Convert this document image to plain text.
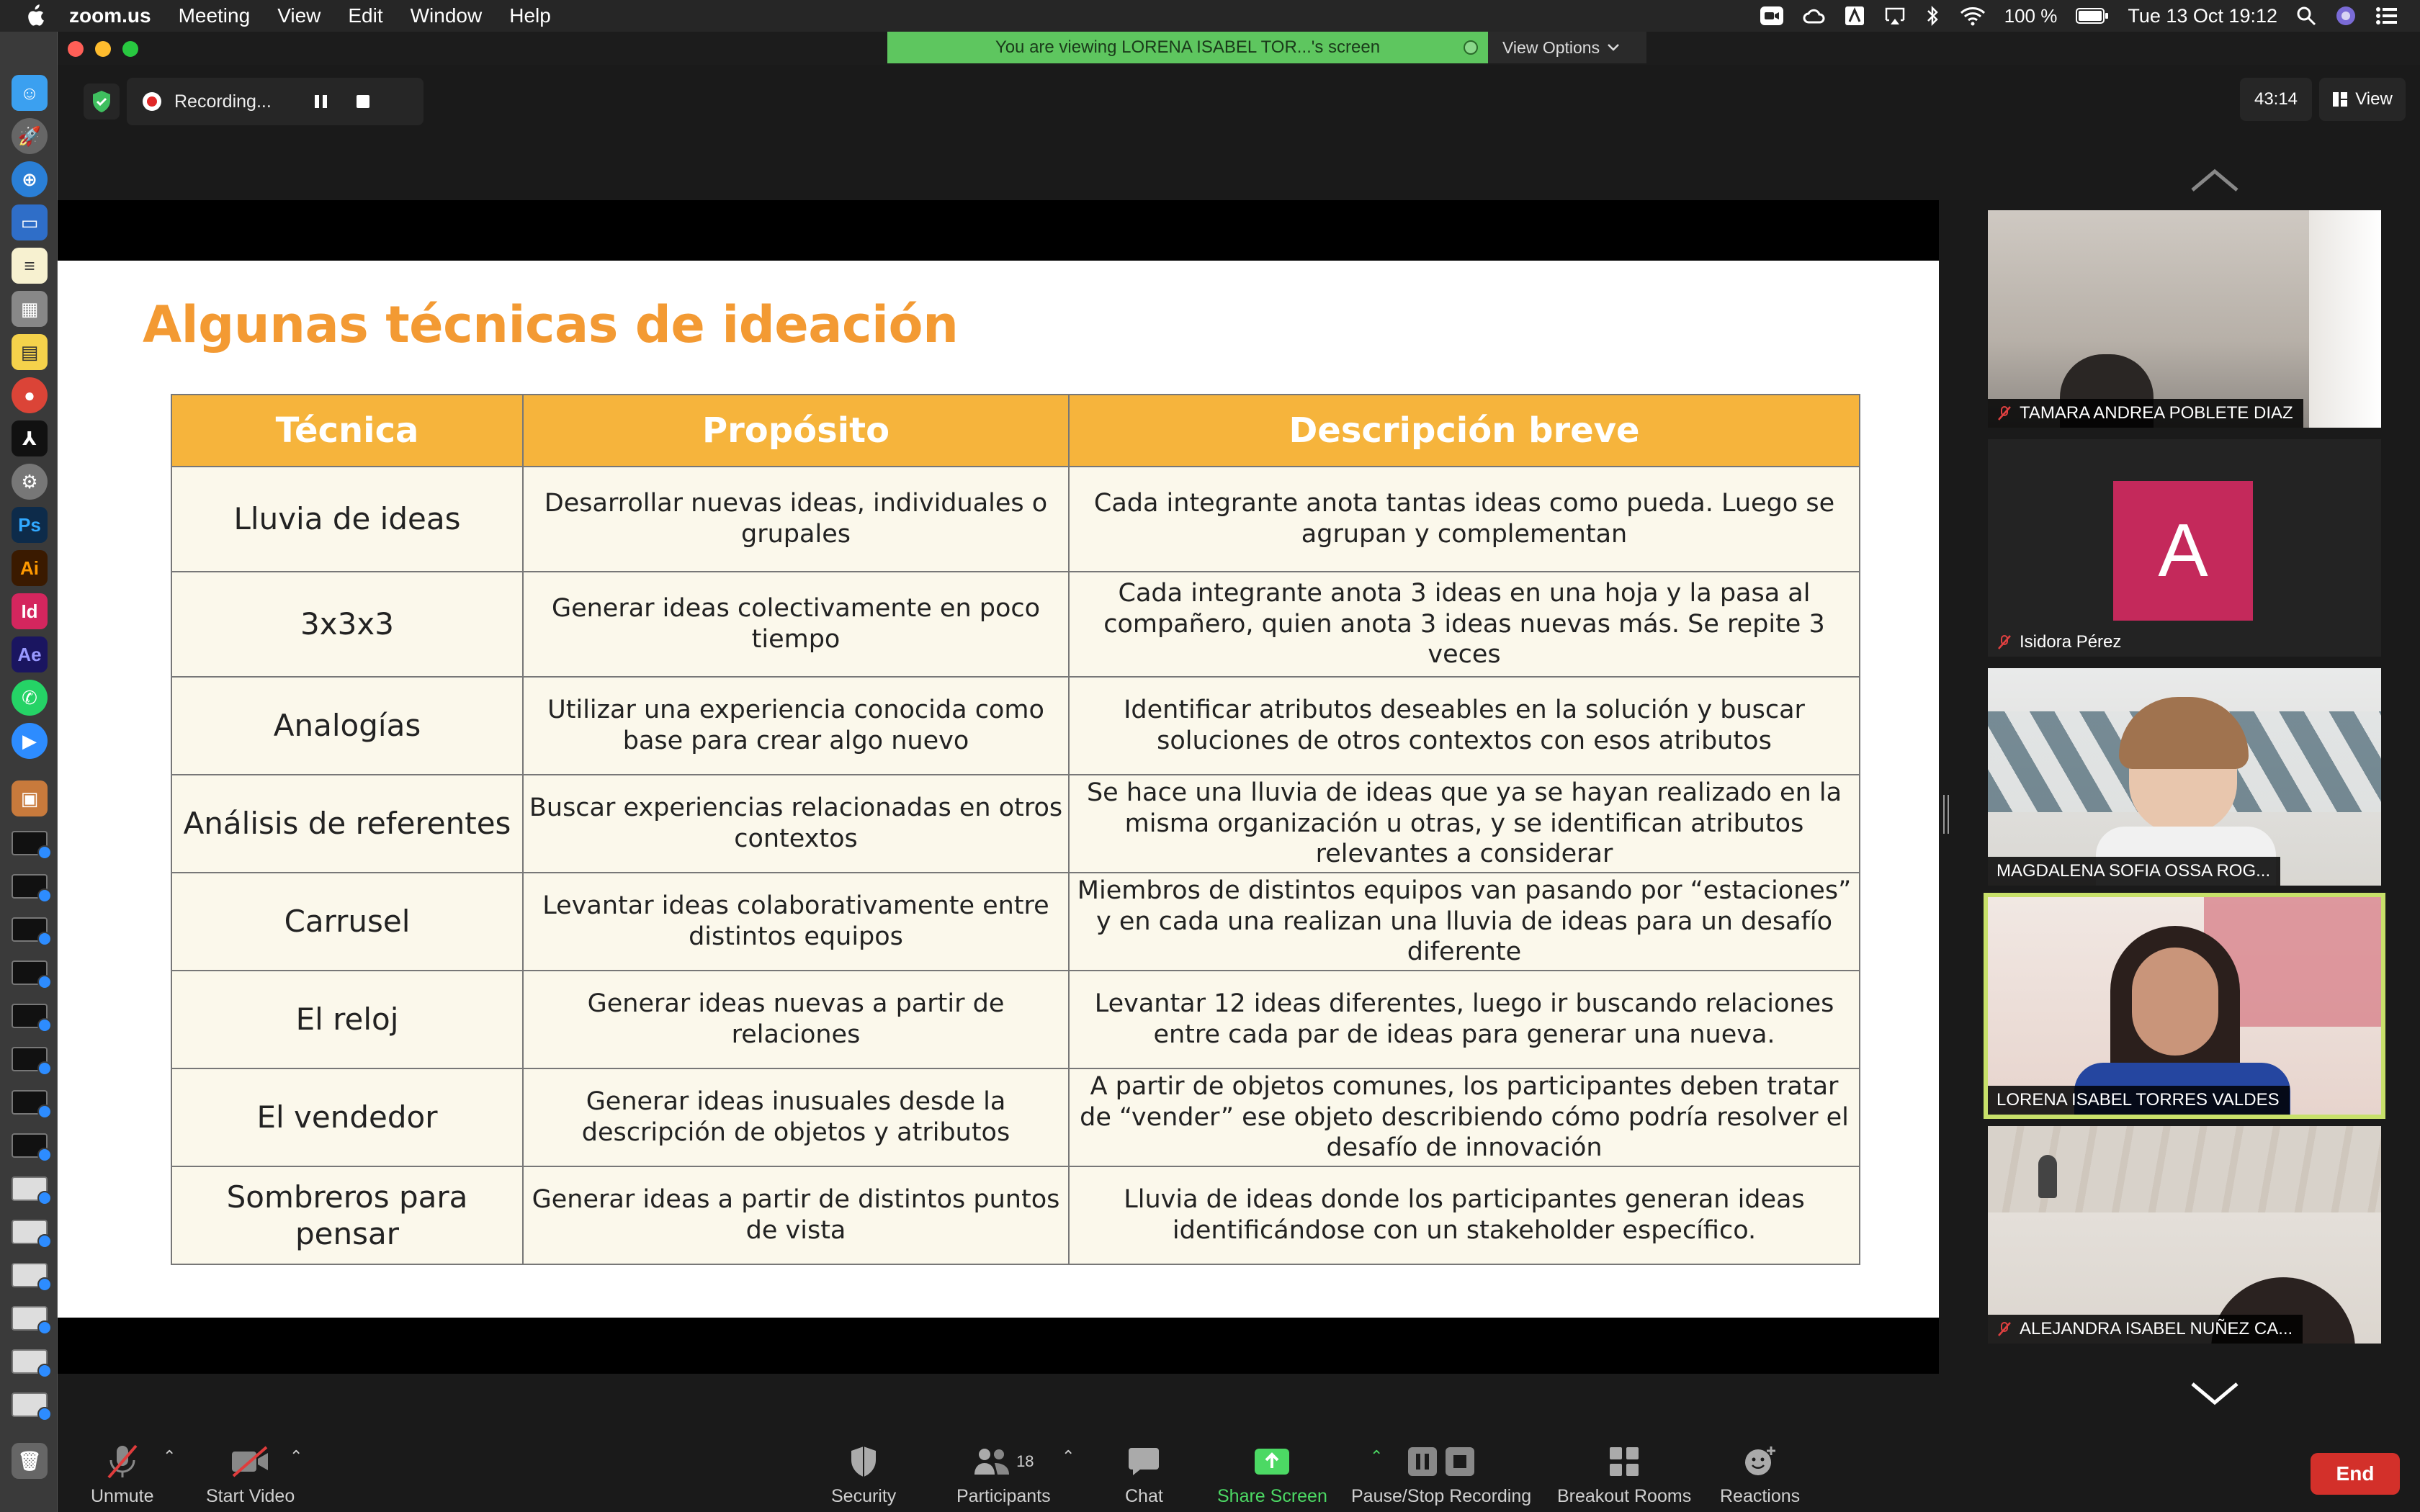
zoom.us Meeting View Edit Window Help	100 %	Tue 13 Oct 19:12
☺
🚀
⊕
▭
≡
▦
▤
●
⅄
⚙
Ps
Ai
Id
Ae
✆
▶
▣
🗑
You are viewing LORENA ISABEL TOR...'s screen	View Options
Recording...	43:14	View
Algunas técnicas de ideación
Técnica	Propósito	Descripción breve
Lluvia de ideas	Desarrollar nuevas ideas, individuales o grupales	Cada integrante anota tantas ideas como pueda. Luego se agrupan y complementan
3x3x3	Generar ideas colectivamente en poco tiempo	Cada integrante anota 3 ideas en una hoja y la pasa al compañero, quien anota 3 ideas nuevas más. Se repite 3 veces
Analogías	Utilizar una experiencia conocida como base para crear algo nuevo	Identificar atributos deseables en la solución y buscar soluciones de otros contextos con esos atributos
Análisis de referentes	Buscar experiencias relacionadas en otros contextos	Se hace una lluvia de ideas que ya se hayan realizado en la misma organización u otras, y se identifican atributos relevantes a considerar
Carrusel	Levantar ideas colaborativamente entre distintos equipos	Miembros de distintos equipos van pasando por “estaciones” y en cada una realizan una lluvia de ideas para un desafío diferente
El reloj	Generar ideas nuevas a partir de relaciones	Levantar 12 ideas diferentes, luego ir buscando relaciones entre cada par de ideas para generar una nueva.
El vendedor	Generar ideas inusuales desde la descripción de objetos y atributos	A partir de objetos comunes, los participantes deben tratar de “vender” ese objeto describiendo cómo podría resolver el desafío de innovación
Sombreros para pensar	Generar ideas a partir de distintos puntos de vista	Lluvia de ideas donde los participantes generan ideas identificándose con un stakeholder específico.
TAMARA ANDREA POBLETE DIAZ
A
Isidora Pérez
MAGDALENA SOFIA OSSA ROG...
LORENA ISABEL TORRES VALDES
ALEJANDRA ISABEL NUÑEZ CA...
Unmute
⌃
Start Video
⌃
Security
18
Participants
⌃
Chat	Share Screen
⌃
Pause/Stop Recording Breakout Rooms Reactions
End
